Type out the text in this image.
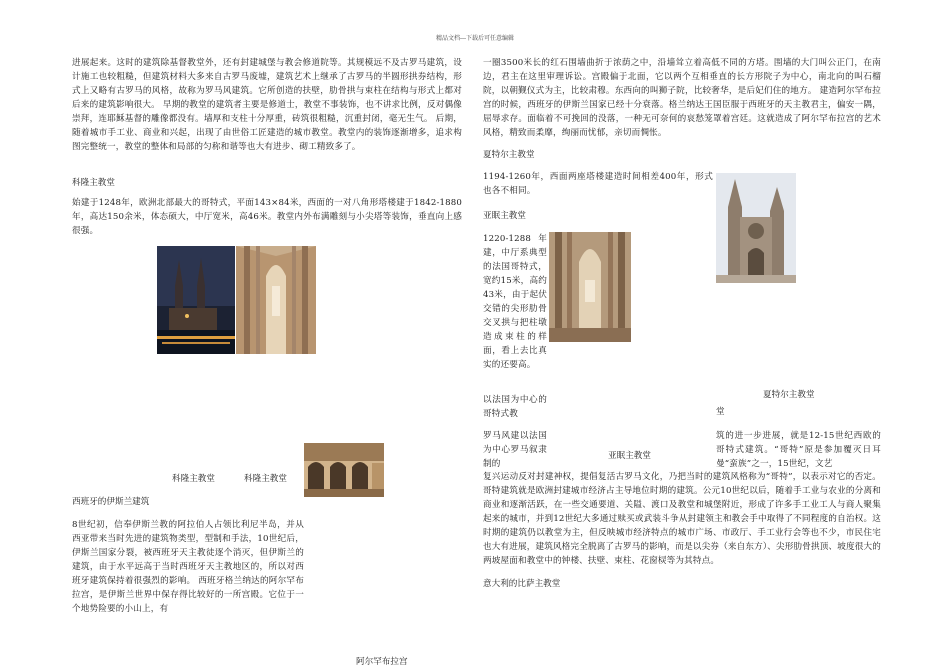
精品文档---下载后可任意编辑
进展起来。这时的建筑除基督教堂外，还有封建城堡与教会修道院等。其规模远不及古罗马建筑，设计施工也较粗糙，但建筑材料大多来自古罗马废墟，建筑艺术上继承了古罗马的半圆形拱券结构，形式上又略有古罗马的风格，故称为罗马风建筑。它所创造的扶壁，肋骨拱与束柱在结构与形式上都对后来的建筑影响很大。 早期的教堂的建筑者主要是修道士，教堂不事装饰，也不讲求比例，反对偶像崇拜，连耶稣基督的雕像都没有。墙厚和支柱十分厚重，砖筑很粗糙，沉重封闭，毫无生气。 后期，随着城市手工业、商业和兴起，出现了由世俗工匠建造的城市教堂。教堂内的装饰逐渐增多，追求构图完整统一，教堂的整体和局部的匀称和谐等也大有进步、砌工精致多了。
科隆主教堂
始建于1248年，欧洲北部最大的哥特式，平面143×84米，西面的一对八角形塔楼建于1842-1880年，高达150余米，体态硕大，中厅宽米，高46米。教堂内外布满雕刻与小尖塔等装饰，垂直向上感很强。
科隆主教堂	科隆主教堂
西班牙的伊斯兰建筑
8世纪初，信奉伊斯兰教的阿拉伯人占领比利尼半岛，并从西亚带来当时先进的建筑物类型，型制和手法，10世纪后，伊斯兰国家分裂，被西班牙天主教徒逐个消灭，但伊斯兰的建筑，由于水平远高于当时西班牙天主教地区的，所以对西班牙建筑保持着很强烈的影响。 西班牙格兰纳达的阿尔罕布拉宫，是伊斯兰世界中保存得比较好的一所宫殿。它位于一个地势险要的小山上，有
阿尔罕布拉宫
一圈3500米长的红石围墙曲折于浓荫之中，沿墙耸立着高低不同的方塔。围墙的大门叫公正门，在南边，君主在这里审理诉讼。宫殿偏于北面，它以两个互相垂直的长方形院子为中心，南北向的叫石榴院，以朝觐仪式为主，比较肃穆。东西向的叫狮子院，比较奢华，是后妃们住的地方。 建造阿尔罕布拉宫的时候，西班牙的伊斯兰国家已经十分衰落。格兰纳达王国臣服于西班牙的天主教君主，偏安一隅，屈辱求存。面临着不可挽回的没落，一种无可奈何的哀愁笼罩着宫廷。这就造成了阿尔罕布拉宫的艺术风格，精致而柔靡，绚丽而忧郁，亲切而惆怅。
夏特尔主教堂
1194-1260年，西面两座塔楼建造时间相差400年，形式也各不相同。
亚眠主教堂
1220-1288年建，中厅系典型的法国哥特式，宽约15米，高约43米，由于起伏交错的尖形肋骨交叉拱与把柱墩造成束柱的样面，看上去比真实的还要高。
以法国为中心的哥特式教
夏特尔主教堂
堂
罗马风建以法国为中心罗马叙隶制的
亚眠主教堂
筑的进一步进展，就是12-15世纪西欧的哥特式建筑。“哥特”原是参加覆灭日耳曼“蛮族”之一，15世纪，文艺
复兴运动反对封建神权，提倡复活古罗马文化，乃把当时的建筑风格称为“哥特”，以表示对它的否定。 哥特建筑就是欧洲封建城市经济占主导地位时期的建筑。公元10世纪以后，随着手工业与农业的分离和商业和逐渐活跃，在一些交通要道、关隘、渡口及教堂和城堡附近，形成了许多手工业工人与商人聚集起来的城市，并到12世纪大多通过赎买或武装斗争从封建领主和教会手中取得了不同程度的自治权。这时期的建筑仍以教堂为主，但反映城市经济特点的城市广场、市政厅、手工业行会等也不少，市民住宅也大有进展，建筑风格完全脱离了古罗马的影响，而是以尖券（来自东方）、尖形肋骨拱顶、坡度很大的两坡屋面和教堂中的钟楼、扶壁、束柱、花窗棂等为其特点。
意大利的比萨主教堂
